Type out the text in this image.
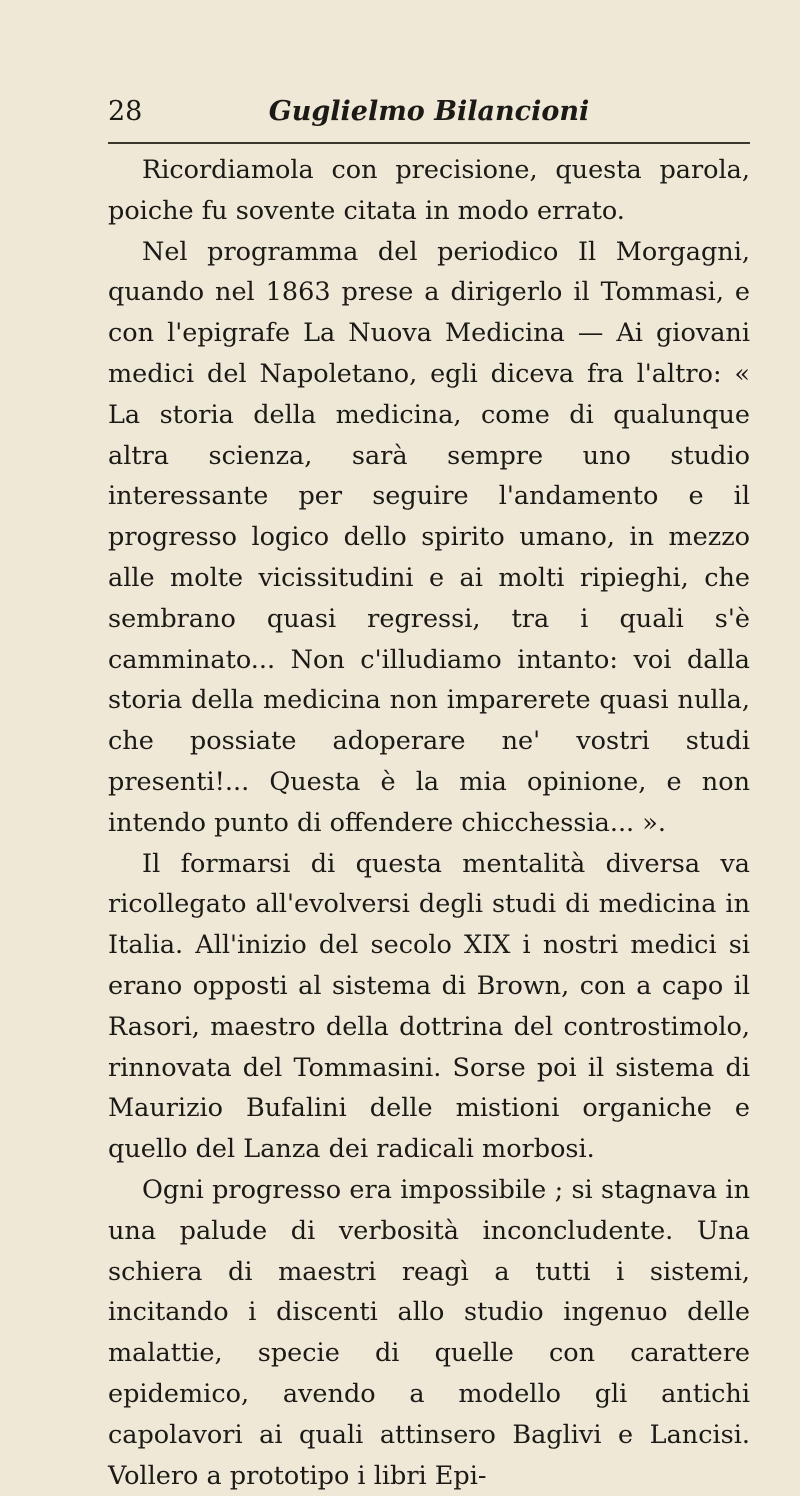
28	Guglielmo Bilancioni

Ricordiamola con precisione, questa parola, poiche fu sovente citata in modo errato.

Nel programma del periodico Il Morgagni, quando nel 1863 prese a dirigerlo il Tommasi, e con l'epigrafe La Nuova Medicina — Ai giovani medici del Napoletano, egli diceva fra l'altro: « La storia della medicina, come di qualunque altra scienza, sarà sempre uno studio interessante per seguire l'andamento e il progresso logico dello spirito umano, in mezzo alle molte vicissitudini e ai molti ripieghi, che sembrano quasi regressi, tra i quali s'è camminato... Non c'illudiamo intanto: voi dalla storia della medicina non imparerete quasi nulla, che possiate adoperare ne' vostri studi presenti!... Questa è la mia opinione, e non intendo punto di offendere chicchessia... ».

Il formarsi di questa mentalità diversa va ricollegato all'evolversi degli studi di medicina in Italia. All'inizio del secolo XIX i nostri medici si erano opposti al sistema di Brown, con a capo il Rasori, maestro della dottrina del controstimolo, rinnovata del Tommasini. Sorse poi il sistema di Maurizio Bufalini delle mistioni organiche e quello del Lanza dei radicali morbosi.

Ogni progresso era impossibile ; si stagnava in una palude di verbosità inconcludente. Una schiera di maestri reagì a tutti i sistemi, incitando i discenti allo studio ingenuo delle malattie, specie di quelle con carattere epidemico, avendo a modello gli antichi capolavori ai quali attinsero Baglivi e Lancisi. Vollero a prototipo i libri Epi-
